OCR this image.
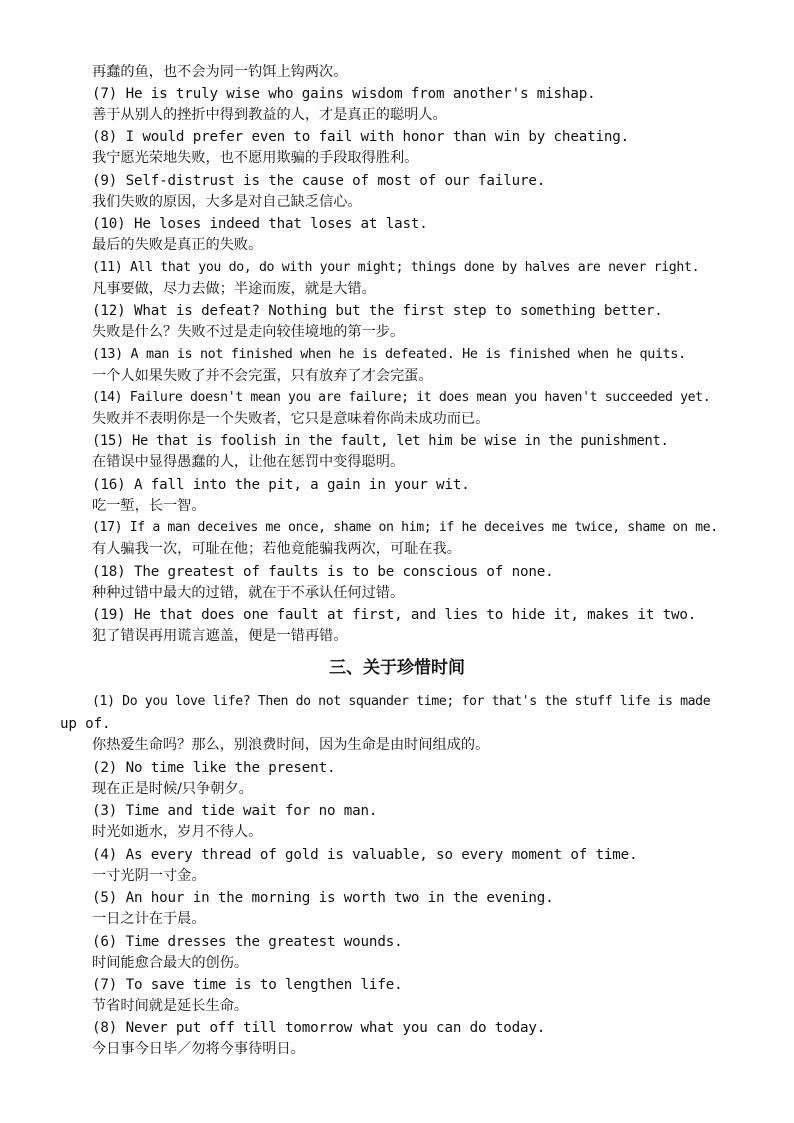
再蠢的鱼，也不会为同一钓饵上钩两次。
(7) He is truly wise who gains wisdom from another's mishap.
善于从别人的挫折中得到教益的人，才是真正的聪明人。
(8) I would prefer even to fail with honor than win by cheating.
我宁愿光荣地失败，也不愿用欺骗的手段取得胜利。
(9) Self-distrust is the cause of most of our failure.
我们失败的原因，大多是对自己缺乏信心。
(10) He loses indeed that loses at last.
最后的失败是真正的失败。
(11) All that you do, do with your might; things done by halves are never right.
凡事要做，尽力去做；半途而废，就是大错。
(12) What is defeat? Nothing but the first step to something better.
失败是什么？失败不过是走向较佳境地的第一步。
(13) A man is not finished when he is defeated. He is finished when he quits.
一个人如果失败了并不会完蛋，只有放弃了才会完蛋。
(14) Failure doesn't mean you are failure; it does mean you haven't succeeded yet.
失败并不表明你是一个失败者，它只是意味着你尚未成功而已。
(15) He that is foolish in the fault, let him be wise in the punishment.
在错误中显得愚蠢的人，让他在惩罚中变得聪明。
(16) A fall into the pit, a gain in your wit.
吃一堑，长一智。
(17) If a man deceives me once, shame on him; if he deceives me twice, shame on me.
有人骗我一次，可耻在他；若他竟能骗我两次，可耻在我。
(18) The greatest of faults is to be conscious of none.
种种过错中最大的过错，就在于不承认任何过错。
(19) He that does one fault at first, and lies to hide it, makes it two.
犯了错误再用谎言遮盖，便是一错再错。
三、关于珍惜时间
(1) Do you love life? Then do not squander time; for that's the stuff life is made
up of.
你热爱生命吗？那么，别浪费时间，因为生命是由时间组成的。
(2) No time like the present.
现在正是时候/只争朝夕。
(3) Time and tide wait for no man.
时光如逝水，岁月不待人。
(4) As every thread of gold is valuable, so every moment of time.
一寸光阴一寸金。
(5) An hour in the morning is worth two in the evening.
一日之计在于晨。
(6) Time dresses the greatest wounds.
时间能愈合最大的创伤。
(7) To save time is to lengthen life.
节省时间就是延长生命。
(8) Never put off till tomorrow what you can do today.
今日事今日毕／勿将今事待明日。
